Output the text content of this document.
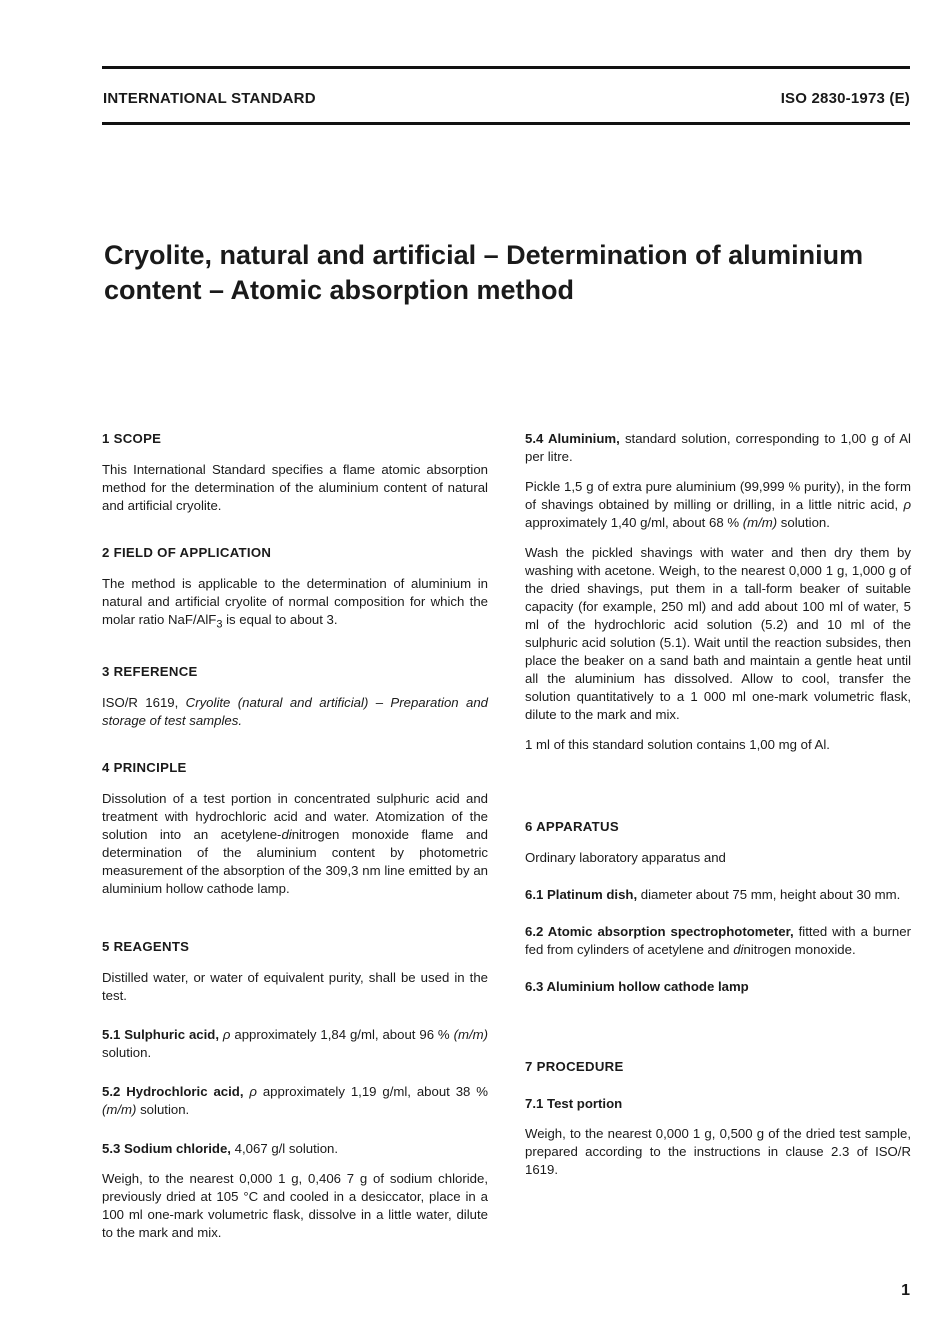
INTERNATIONAL STANDARD	ISO 2830-1973 (E)
Cryolite, natural and artificial – Determination of aluminium
content – Atomic absorption method
1 SCOPE

This International Standard specifies a flame atomic absorption method for the determination of the aluminium content of natural and artificial cryolite.

2 FIELD OF APPLICATION

The method is applicable to the determination of aluminium in natural and artificial cryolite of normal composition for which the molar ratio NaF/AlF$_3$ is equal to about 3.

3 REFERENCE

ISO/R 1619, Cryolite (natural and artificial) – Preparation and storage of test samples.

4 PRINCIPLE

Dissolution of a test portion in concentrated sulphuric acid and treatment with hydrochloric acid and water. Atomization of the solution into an acetylene-dinitrogen monoxide flame and determination of the aluminium content by photometric measurement of the absorption of the 309,3 nm line emitted by an aluminium hollow cathode lamp.

5 REAGENTS

Distilled water, or water of equivalent purity, shall be used in the test.

5.1 Sulphuric acid, ρ approximately 1,84 g/ml, about 96 % (m/m) solution.

5.2 Hydrochloric acid, ρ approximately 1,19 g/ml, about 38 % (m/m) solution.

5.3 Sodium chloride, 4,067 g/l solution.

Weigh, to the nearest 0,000 1 g, 0,406 7 g of sodium chloride, previously dried at 105 °C and cooled in a desiccator, place in a 100 ml one-mark volumetric flask, dissolve in a little water, dilute to the mark and mix.

5.4 Aluminium, standard solution, corresponding to 1,00 g of Al per litre.

Pickle 1,5 g of extra pure aluminium (99,999 % purity), in the form of shavings obtained by milling or drilling, in a little nitric acid, ρ approximately 1,40 g/ml, about 68 % (m/m) solution.

Wash the pickled shavings with water and then dry them by washing with acetone. Weigh, to the nearest 0,000 1 g, 1,000 g of the dried shavings, put them in a tall-form beaker of suitable capacity (for example, 250 ml) and add about 100 ml of water, 5 ml of the hydrochloric acid solution (5.2) and 10 ml of the sulphuric acid solution (5.1). Wait until the reaction subsides, then place the beaker on a sand bath and maintain a gentle heat until all the aluminium has dissolved. Allow to cool, transfer the solution quantitatively to a 1 000 ml one-mark volumetric flask, dilute to the mark and mix.

1 ml of this standard solution contains 1,00 mg of Al.

6 APPARATUS

Ordinary laboratory apparatus and

6.1 Platinum dish, diameter about 75 mm, height about 30 mm.

6.2 Atomic absorption spectrophotometer, fitted with a burner fed from cylinders of acetylene and dinitrogen monoxide.

6.3 Aluminium hollow cathode lamp

7 PROCEDURE

7.1 Test portion

Weigh, to the nearest 0,000 1 g, 0,500 g of the dried test sample, prepared according to the instructions in clause 2.3 of ISO/R 1619.

1
